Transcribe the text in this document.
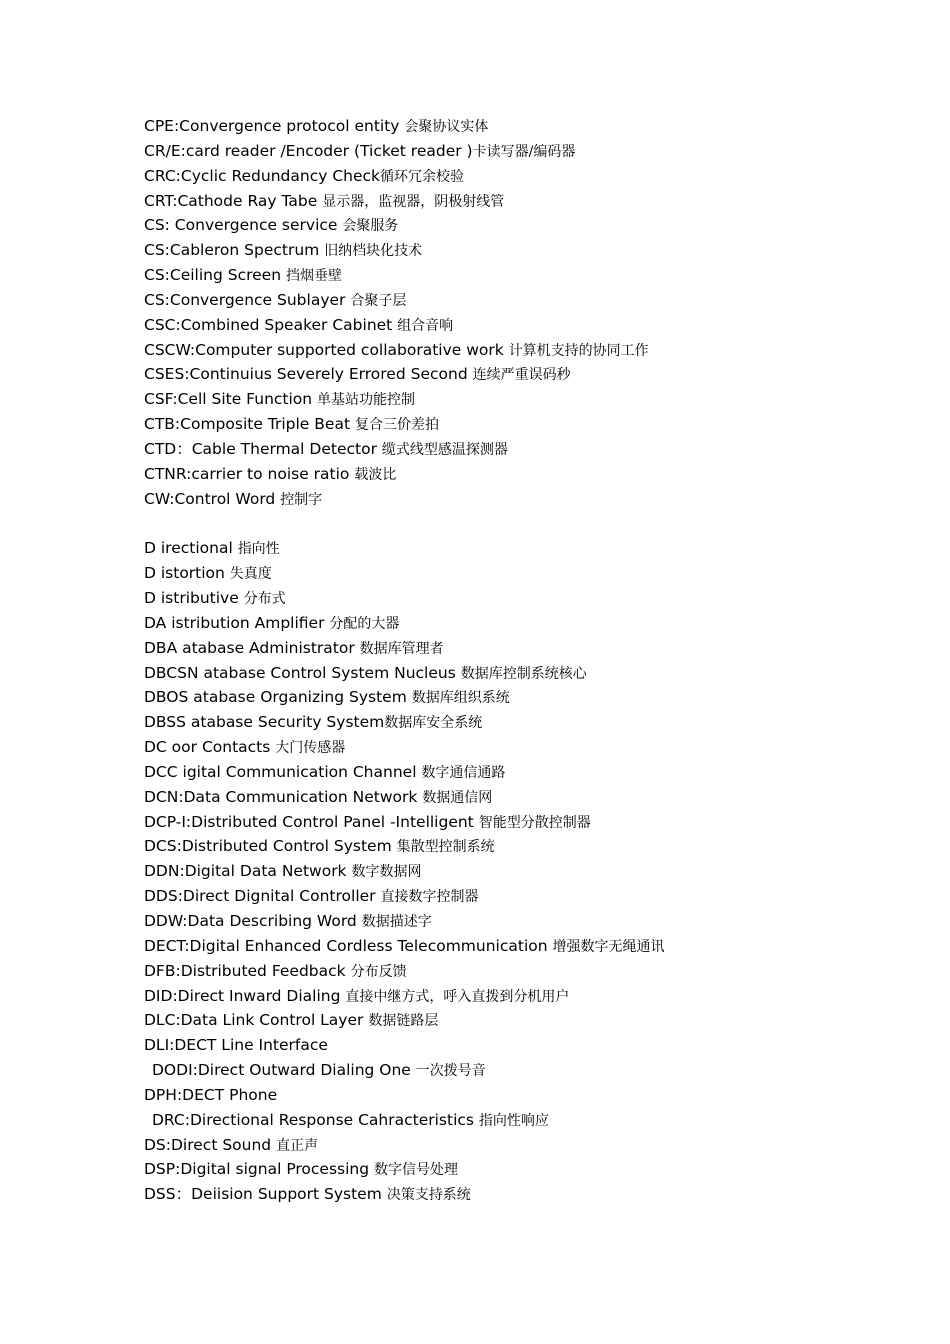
CPE:Convergence protocol entity 会聚协议实体
CR/E:card reader /Encoder (Ticket reader )卡读写器/编码器
CRC:Cyclic Redundancy Check循环冗余校验
CRT:Cathode Ray Tabe 显示器，监视器，阴极射线管
CS: Convergence service 会聚服务
CS:Cableron Spectrum 旧纳档块化技术
CS:Ceiling Screen 挡烟垂壁
CS:Convergence Sublayer 合聚子层
CSC:Combined Speaker Cabinet 组合音响
CSCW:Computer supported collaborative work 计算机支持的协同工作
CSES:Continuius Severely Errored Second 连续严重误码秒
CSF:Cell Site Function 单基站功能控制
CTB:Composite Triple Beat 复合三价差拍
CTD：Cable Thermal Detector 缆式线型感温探测器
CTNR:carrier to noise ratio 载波比
CW:Control Word 控制字
D irectional 指向性
D istortion 失真度
D istributive 分布式
DA istribution Amplifier 分配的大器
DBA atabase Administrator 数据库管理者
DBCSN atabase Control System Nucleus 数据库控制系统核心
DBOS atabase Organizing System 数据库组织系统
DBSS atabase Security System数据库安全系统
DC oor Contacts 大门传感器
DCC igital Communication Channel 数字通信通路
DCN:Data Communication Network 数据通信网
DCP-I:Distributed Control Panel -Intelligent 智能型分散控制器
DCS:Distributed Control System 集散型控制系统
DDN:Digital Data Network 数字数据网
DDS:Direct Dignital Controller 直接数字控制器
DDW:Data Describing Word 数据描述字
DECT:Digital Enhanced Cordless Telecommunication 增强数字无绳通讯
DFB:Distributed Feedback 分布反馈
DID:Direct Inward Dialing 直接中继方式，呼入直拨到分机用户
DLC:Data Link Control Layer 数据链路层
DLI:DECT Line Interface
DODI:Direct Outward Dialing One 一次拨号音
DPH:DECT Phone
DRC:Directional Response Cahracteristics 指向性响应
DS:Direct Sound 直正声
DSP:Digital signal Processing 数字信号处理
DSS：Deiision Support System 决策支持系统
